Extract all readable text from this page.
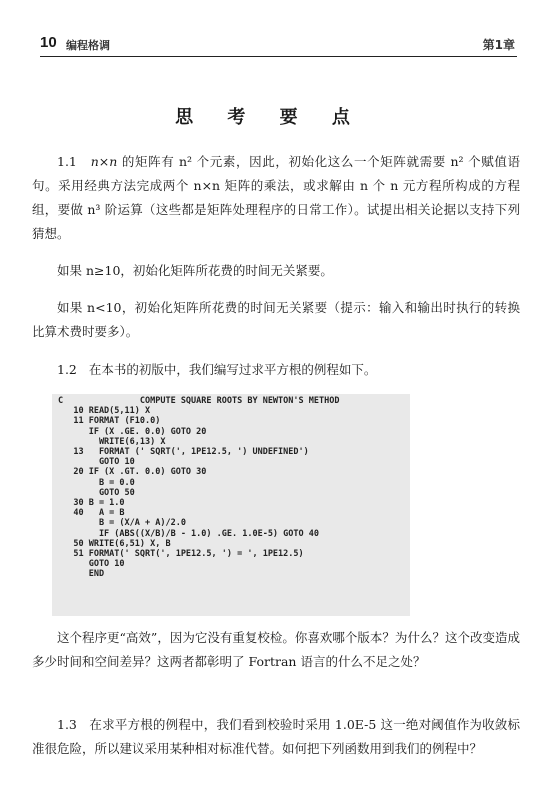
10 编程格调	第1章
思 考 要 点

1.1 n×n 的矩阵有 n² 个元素，因此，初始化这么一个矩阵就需要 n² 个赋值语句。采用经典方法完成两个 n×n 矩阵的乘法，或求解由 n 个 n 元方程所构成的方程组，要做 n³ 阶运算（这些都是矩阵处理程序的日常工作）。试提出相关论据以支持下列猜想。

如果 n≥10，初始化矩阵所花费的时间无关紧要。

如果 n<10，初始化矩阵所花费的时间无关紧要（提示：输入和输出时执行的转换比算术费时要多）。

1.2 在本书的初版中，我们编写过求平方根的例程如下。

C               COMPUTE SQUARE ROOTS BY NEWTON'S METHOD
10 READ(5,11) X
11 FORMAT (F10.0)
IF (X .GE. 0.0) GOTO 20
WRITE(6,13) X
13   FORMAT (' SQRT(', 1PE12.5, ') UNDEFINED')
GOTO 10
20 IF (X .GT. 0.0) GOTO 30
B = 0.0
GOTO 50
30 B = 1.0
40   A = B
B = (X/A + A)/2.0
IF (ABS((X/B)/B - 1.0) .GE. 1.0E-5) GOTO 40
50 WRITE(6,51) X, B
51 FORMAT(' SQRT(', 1PE12.5, ') = ', 1PE12.5)
GOTO 10
END

这个程序更“高效”，因为它没有重复校检。你喜欢哪个版本？为什么？这个改变造成多少时间和空间差异？这两者都彰明了 Fortran 语言的什么不足之处？

1.3 在求平方根的例程中，我们看到校验时采用 1.0E-5 这一绝对阈值作为收敛标准很危险，所以建议采用某种相对标准代替。如何把下列函数用到我们的例程中？
